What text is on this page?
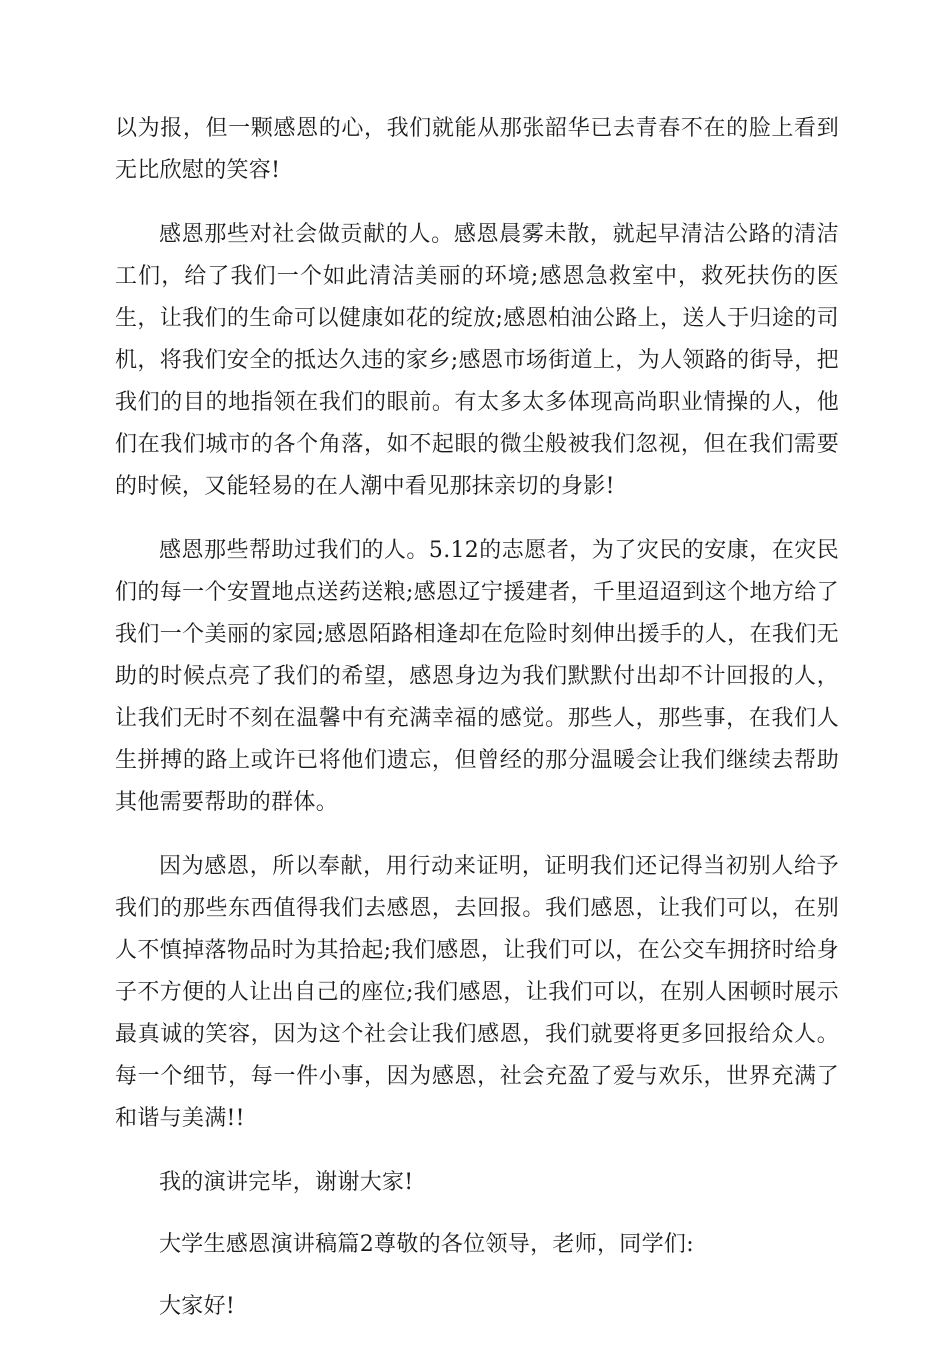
以为报，但一颗感恩的心，我们就能从那张韶华已去青春不在的脸上看到无比欣慰的笑容!

感恩那些对社会做贡献的人。感恩晨雾未散，就起早清洁公路的清洁工们，给了我们一个如此清洁美丽的环境;感恩急救室中，救死扶伤的医生，让我们的生命可以健康如花的绽放;感恩柏油公路上，送人于归途的司机，将我们安全的抵达久违的家乡;感恩市场街道上，为人领路的街导，把我们的目的地指领在我们的眼前。有太多太多体现高尚职业情操的人，他们在我们城市的各个角落，如不起眼的微尘般被我们忽视，但在我们需要的时候，又能轻易的在人潮中看见那抹亲切的身影!

感恩那些帮助过我们的人。5.12的志愿者，为了灾民的安康，在灾民们的每一个安置地点送药送粮;感恩辽宁援建者，千里迢迢到这个地方给了我们一个美丽的家园;感恩陌路相逢却在危险时刻伸出援手的人，在我们无助的时候点亮了我们的希望，感恩身边为我们默默付出却不计回报的人，让我们无时不刻在温馨中有充满幸福的感觉。那些人，那些事，在我们人生拼搏的路上或许已将他们遗忘，但曾经的那分温暖会让我们继续去帮助其他需要帮助的群体。

因为感恩，所以奉献，用行动来证明，证明我们还记得当初别人给予我们的那些东西值得我们去感恩，去回报。我们感恩，让我们可以，在别人不慎掉落物品时为其拾起;我们感恩，让我们可以，在公交车拥挤时给身子不方便的人让出自己的座位;我们感恩，让我们可以，在别人困顿时展示最真诚的笑容，因为这个社会让我们感恩，我们就要将更多回报给众人。每一个细节，每一件小事，因为感恩，社会充盈了爱与欢乐，世界充满了和谐与美满!!

我的演讲完毕，谢谢大家!

大学生感恩演讲稿篇2尊敬的各位领导，老师，同学们:

大家好!
